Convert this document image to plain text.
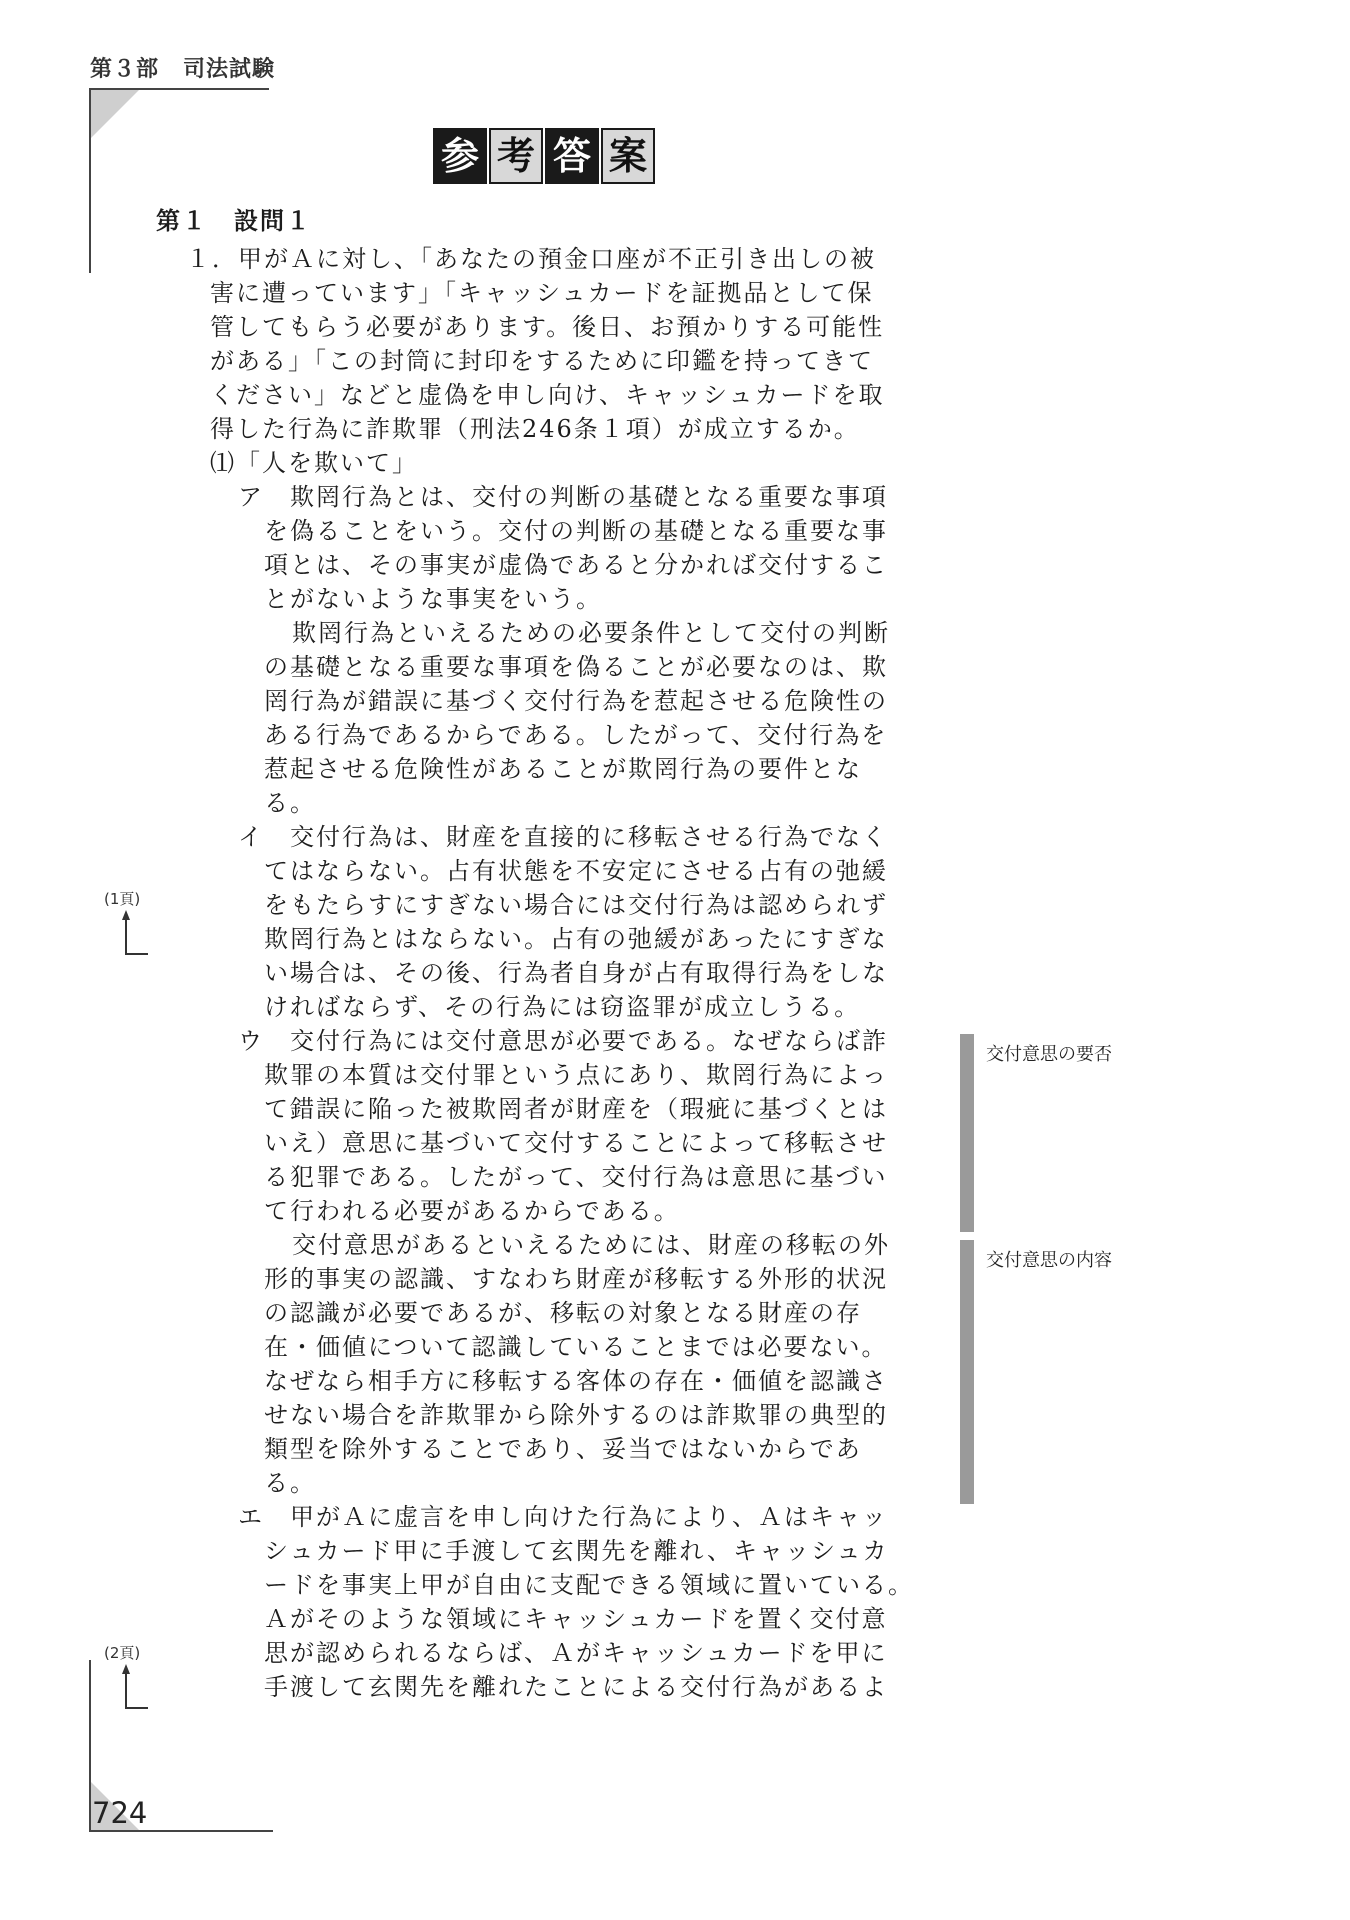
第３部 司法試験
724
参 考 答 案
第１　設問１
１．甲がＡに対し、「あなたの預金口座が不正引き出しの被
害に遭っています」「キャッシュカードを証拠品として保
管してもらう必要があります。後日、お預かりする可能性
がある」「この封筒に封印をするために印鑑を持ってきて
ください」などと虚偽を申し向け、キャッシュカードを取
得した行為に詐欺罪（刑法246条１項）が成立するか。
⑴「人を欺いて」
ア　欺罔行為とは、交付の判断の基礎となる重要な事項
を偽ることをいう。交付の判断の基礎となる重要な事
項とは、その事実が虚偽であると分かれば交付するこ
とがないような事実をいう。
欺罔行為といえるための必要条件として交付の判断
の基礎となる重要な事項を偽ることが必要なのは、欺
罔行為が錯誤に基づく交付行為を惹起させる危険性の
ある行為であるからである。したがって、交付行為を
惹起させる危険性があることが欺罔行為の要件とな
る。
イ　交付行為は、財産を直接的に移転させる行為でなく
てはならない。占有状態を不安定にさせる占有の弛緩
をもたらすにすぎない場合には交付行為は認められず
欺罔行為とはならない。占有の弛緩があったにすぎな
い場合は、その後、行為者自身が占有取得行為をしな
ければならず、その行為には窃盗罪が成立しうる。
ウ　交付行為には交付意思が必要である。なぜならば詐
欺罪の本質は交付罪という点にあり、欺罔行為によっ
て錯誤に陥った被欺罔者が財産を（瑕疵に基づくとは
いえ）意思に基づいて交付することによって移転させ
る犯罪である。したがって、交付行為は意思に基づい
て行われる必要があるからである。
交付意思があるといえるためには、財産の移転の外
形的事実の認識、すなわち財産が移転する外形的状況
の認識が必要であるが、移転の対象となる財産の存
在・価値について認識していることまでは必要ない。
なぜなら相手方に移転する客体の存在・価値を認識さ
せない場合を詐欺罪から除外するのは詐欺罪の典型的
類型を除外することであり、妥当ではないからであ
る。
エ　甲がＡに虚言を申し向けた行為により、Ａはキャッ
シュカード甲に手渡して玄関先を離れ、キャッシュカ
ードを事実上甲が自由に支配できる領域に置いている。
Ａがそのような領域にキャッシュカードを置く交付意
思が認められるならば、Ａがキャッシュカードを甲に
手渡して玄関先を離れたことによる交付行為があるよ
(1頁)
(2頁)
交付意思の要否
交付意思の内容
